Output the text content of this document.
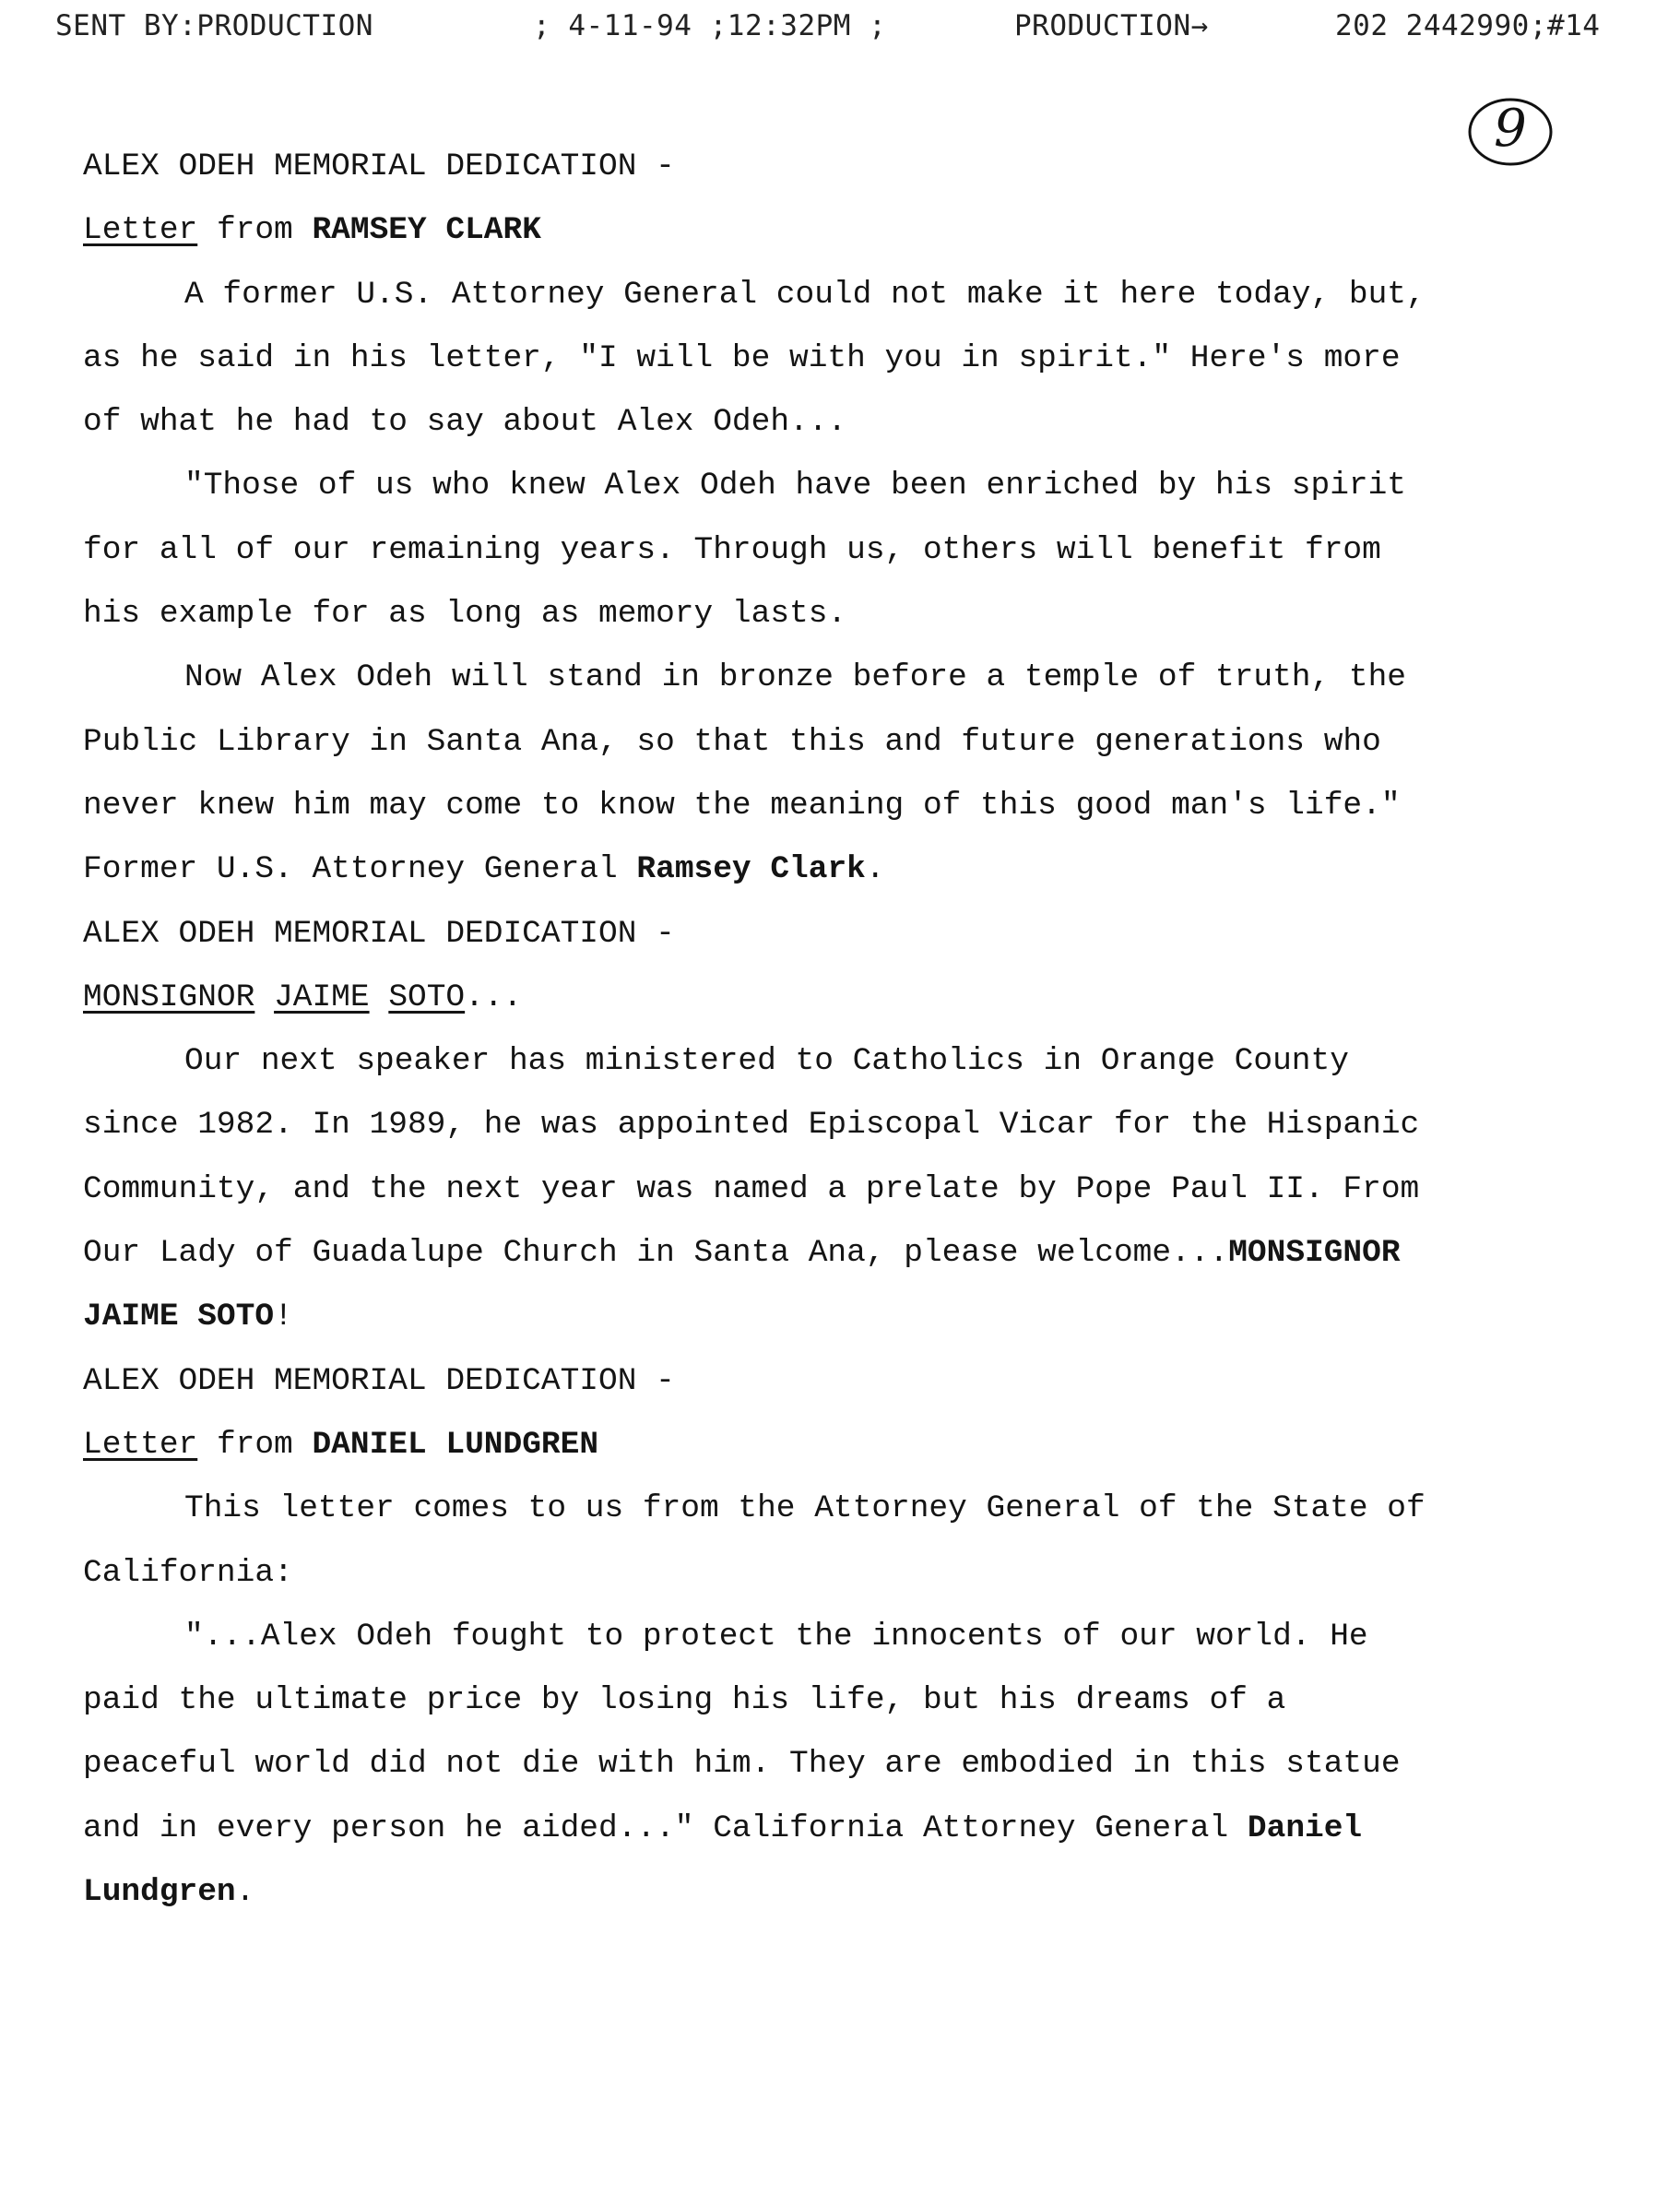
SENT BY:PRODUCTION	; 4-11-94 ;12:32PM ;	PRODUCTION→	202 2442990;#14
9

ALEX ODEH MEMORIAL DEDICATION -

Letter from RAMSEY CLARK

A former U.S. Attorney General could not make it here today, but, as he said in his letter, "I will be with you in spirit." Here's more of what he had to say about Alex Odeh...

"Those of us who knew Alex Odeh have been enriched by his spirit for all of our remaining years. Through us, others will benefit from his example for as long as memory lasts.

Now Alex Odeh will stand in bronze before a temple of truth, the Public Library in Santa Ana, so that this and future generations who never knew him may come to know the meaning of this good man's life." Former U.S. Attorney General Ramsey Clark.

ALEX ODEH MEMORIAL DEDICATION -

MONSIGNOR JAIME SOTO...

Our next speaker has ministered to Catholics in Orange County since 1982. In 1989, he was appointed Episcopal Vicar for the Hispanic Community, and the next year was named a prelate by Pope Paul II. From Our Lady of Guadalupe Church in Santa Ana, please welcome...MONSIGNOR JAIME SOTO!

ALEX ODEH MEMORIAL DEDICATION -

Letter from DANIEL LUNDGREN

This letter comes to us from the Attorney General of the State of California:

"...Alex Odeh fought to protect the innocents of our world. He paid the ultimate price by losing his life, but his dreams of a peaceful world did not die with him. They are embodied in this statue and in every person he aided..." California Attorney General Daniel Lundgren.
